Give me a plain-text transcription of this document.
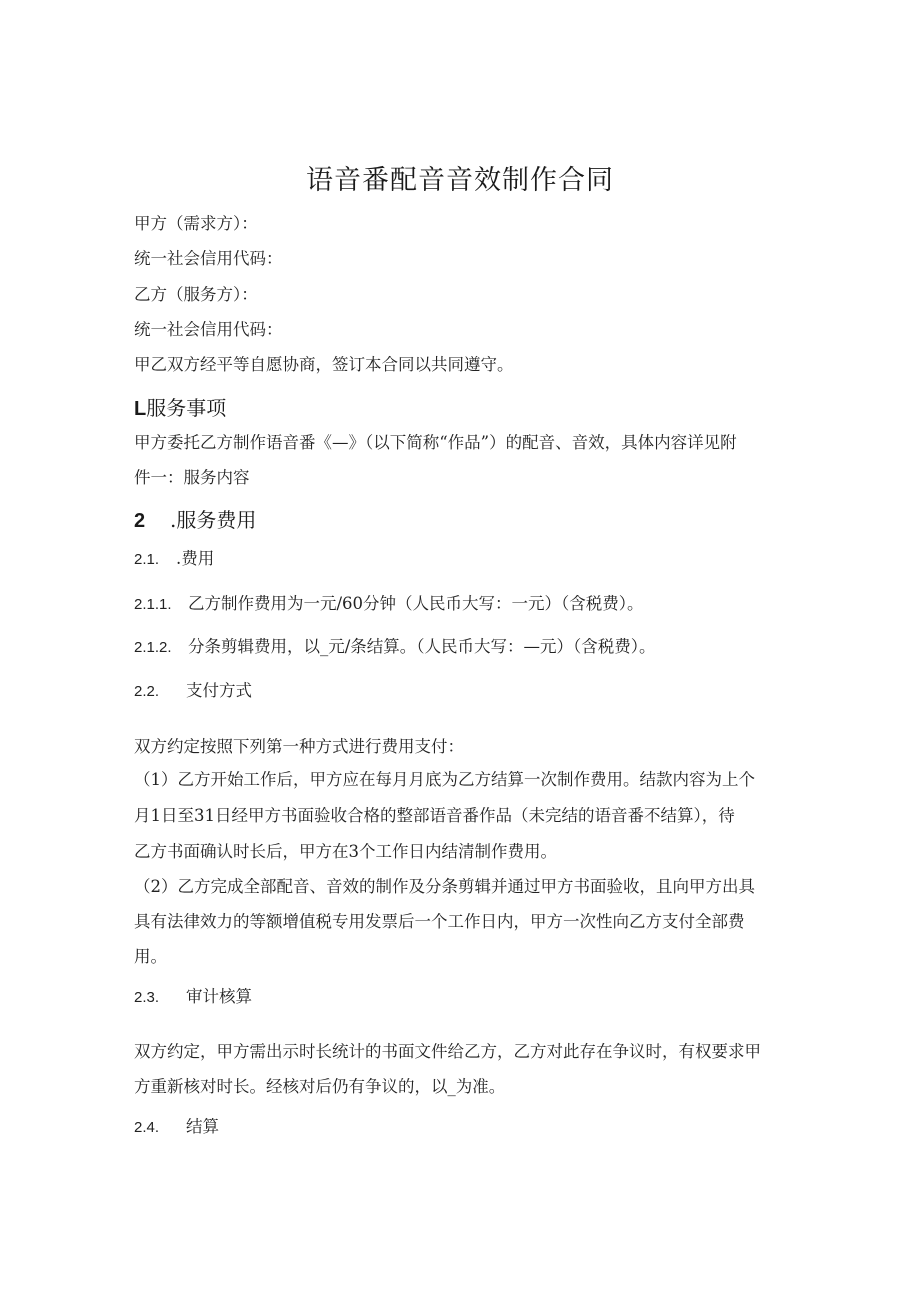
语音番配音音效制作合同
甲方（需求方）：
统一社会信用代码：
乙方（服务方）：
统一社会信用代码：
甲乙双方经平等自愿协商，签订本合同以共同遵守。
L服务事项
甲方委托乙方制作语音番《—》（以下简称“作品”）的配音、音效，具体内容详见附
件一：服务内容
2 .服务费用
2.1. .费用
2.1.1. 乙方制作费用为一元/60分钟（人民币大写：一元）（含税费）。
2.1.2. 分条剪辑费用，以_元/条结算。（人民币大写：—元）（含税费）。
2.2. 支付方式
双方约定按照下列第一种方式进行费用支付：
（1）乙方开始工作后，甲方应在每月月底为乙方结算一次制作费用。结款内容为上个
月1日至31日经甲方书面验收合格的整部语音番作品（未完结的语音番不结算），待
乙方书面确认时长后，甲方在3个工作日内结清制作费用。
（2）乙方完成全部配音、音效的制作及分条剪辑并通过甲方书面验收，且向甲方出具
具有法律效力的等额增值税专用发票后一个工作日内，甲方一次性向乙方支付全部费
用。
2.3. 审计核算
双方约定，甲方需出示时长统计的书面文件给乙方，乙方对此存在争议时，有权要求甲
方重新核对时长。经核对后仍有争议的，以_为准。
2.4. 结算
